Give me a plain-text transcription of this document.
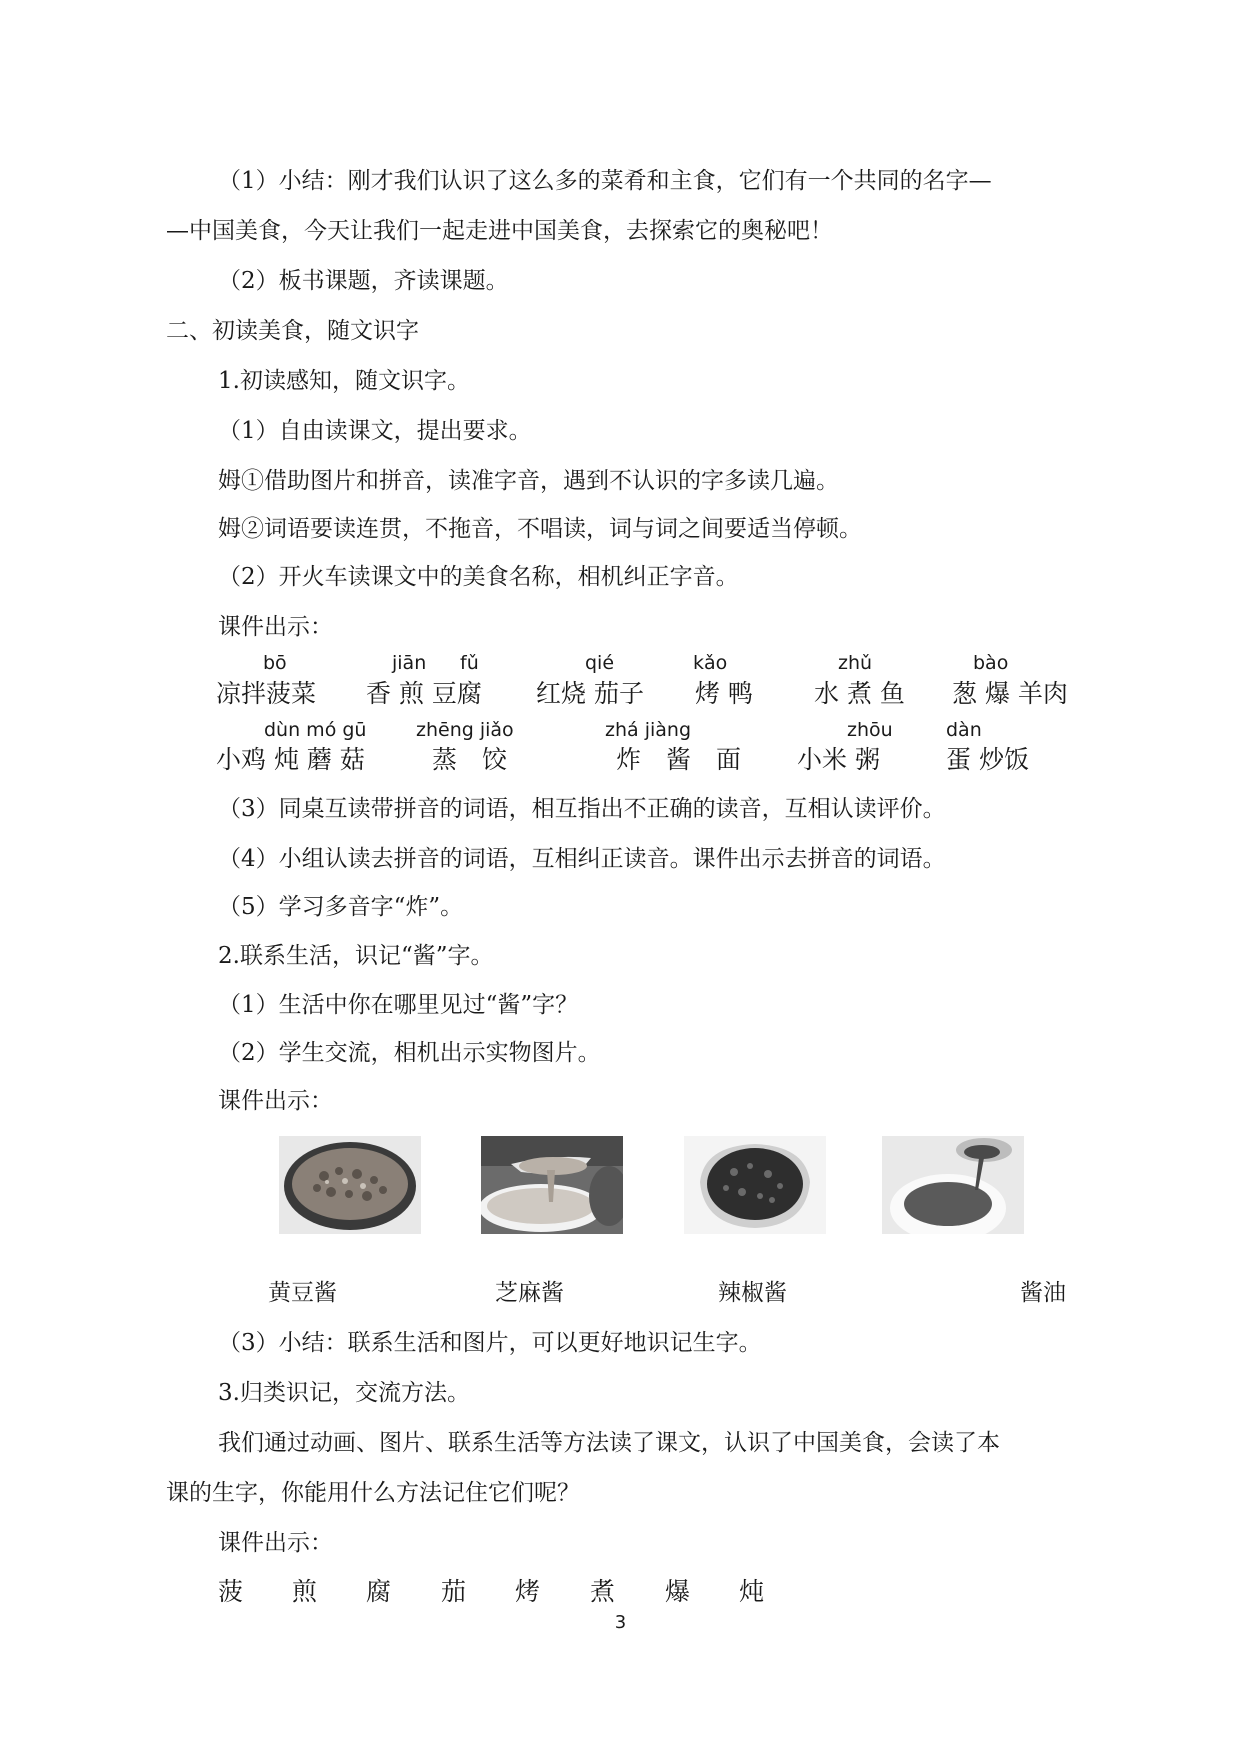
（1）小结：刚才我们认识了这么多的菜肴和主食，它们有一个共同的名字—
—中国美食，今天让我们一起走进中国美食，去探索它的奥秘吧！
（2）板书课题，齐读课题。
二、初读美食，随文识字
1.初读感知，随文识字。
（1）自由读课文，提出要求。
姆①借助图片和拼音，读准字音，遇到不认识的字多读几遍。
姆②词语要读连贯，不拖音，不唱读，词与词之间要适当停顿。
（2）开火车读课文中的美食名称，相机纠正字音。
课件出示：
bō	jiān fǔ	qié	kǎo	zhǔ	bào
凉拌菠菜 香 煎 豆腐 红烧 茄子 烤 鸭 水 煮 鱼 葱 爆 羊肉
dùn mó gū	zhēng jiǎo	zhá jiàng	zhōu	dàn
小鸡 炖 蘑 菇	蒸　饺	炸　酱　面 小米 粥	蛋 炒饭
（3）同桌互读带拼音的词语，相互指出不正确的读音，互相认读评价。
（4）小组认读去拼音的词语，互相纠正读音。课件出示去拼音的词语。
（5）学习多音字“炸”。
2.联系生活，识记“酱”字。
（1）生活中你在哪里见过“酱”字？
（2）学生交流，相机出示实物图片。
课件出示：
黄豆酱	芝麻酱	辣椒酱	酱油
（3）小结：联系生活和图片，可以更好地识记生字。
3.归类识记，交流方法。
我们通过动画、图片、联系生活等方法读了课文，认识了中国美食，会读了本
课的生字，你能用什么方法记住它们呢？
课件出示：
菠 煎 腐 茄 烤 煮 爆 炖
3
